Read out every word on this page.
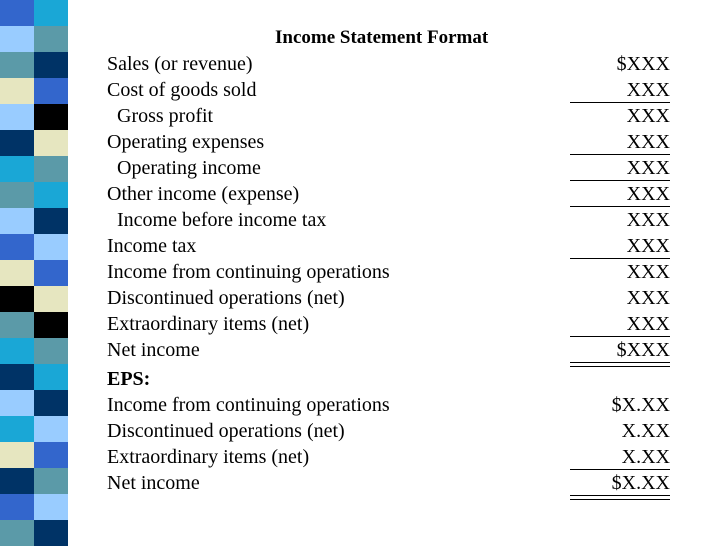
Income Statement Format
Sales (or revenue)	$XXX
Cost of goods sold	XXX
Gross profit	XXX
Operating expenses	XXX
Operating income	XXX
Other income (expense)	XXX
Income before income tax	XXX
Income tax	XXX
Income from continuing operations	XXX
Discontinued operations (net)	XXX
Extraordinary items (net)	XXX
Net income	$XXX
EPS:
Income from continuing operations	$X.XX
Discontinued operations (net)	X.XX
Extraordinary items (net)	X.XX
Net income	$X.XX
